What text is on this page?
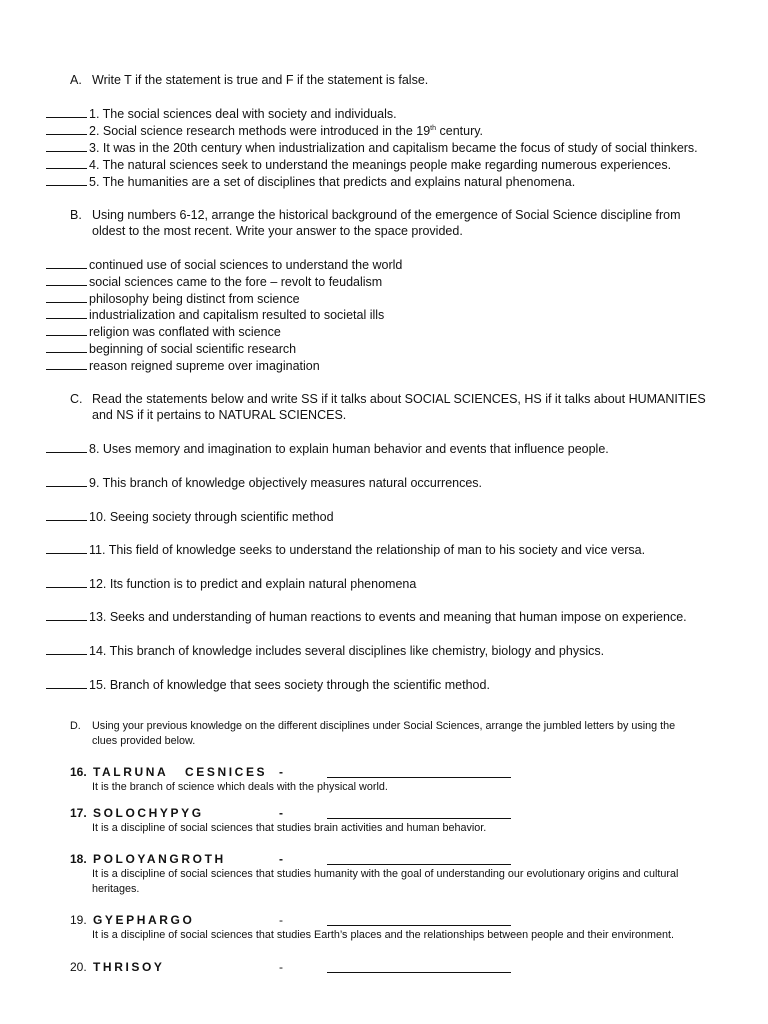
A. Write T if the statement is true and F if the statement is false.
1. The social sciences deal with society and individuals.
2. Social science research methods were introduced in the 19th century.
3. It was in the 20th century when industrialization and capitalism became the focus of study of social thinkers.
4. The natural sciences seek to understand the meanings people make regarding numerous experiences.
5. The humanities are a set of disciplines that predicts and explains natural phenomena.
B. Using numbers 6-12, arrange the historical background of the emergence of Social Science discipline from
oldest to the most recent. Write your answer to the space provided.
continued use of social sciences to understand the world
social sciences came to the fore – revolt to feudalism
philosophy being distinct from science
industrialization and capitalism resulted to societal ills
religion was conflated with science
beginning of social scientific research
reason reigned supreme over imagination
C. Read the statements below and write SS if it talks about SOCIAL SCIENCES, HS if it talks about HUMANITIES
and NS if it pertains to NATURAL SCIENCES.
8. Uses memory and imagination to explain human behavior and events that influence people.
9. This branch of knowledge objectively measures natural occurrences.
10. Seeing society through scientific method
11. This field of knowledge seeks to understand the relationship of man to his society and vice versa.
12. Its function is to predict and explain natural phenomena
13. Seeks and understanding of human reactions to events and meaning that human impose on experience.
14. This branch of knowledge includes several disciplines like chemistry, biology and physics.
15. Branch of knowledge that sees society through the scientific method.
D. Using your previous knowledge on the different disciplines under Social Sciences, arrange the jumbled letters by using the
clues provided below.
16. TALRUNA CESNICES -
It is the branch of science which deals with the physical world.
17. SOLOCHYPYG	-
It is a discipline of social sciences that studies brain activities and human behavior.
18. POLOYANGROTH	-
It is a discipline of social sciences that studies humanity with the goal of understanding our evolutionary origins and cultural
heritages.
19. GYEPHARGO	-
It is a discipline of social sciences that studies Earth’s places and the relationships between people and their environment.
20. THRISOY	-
